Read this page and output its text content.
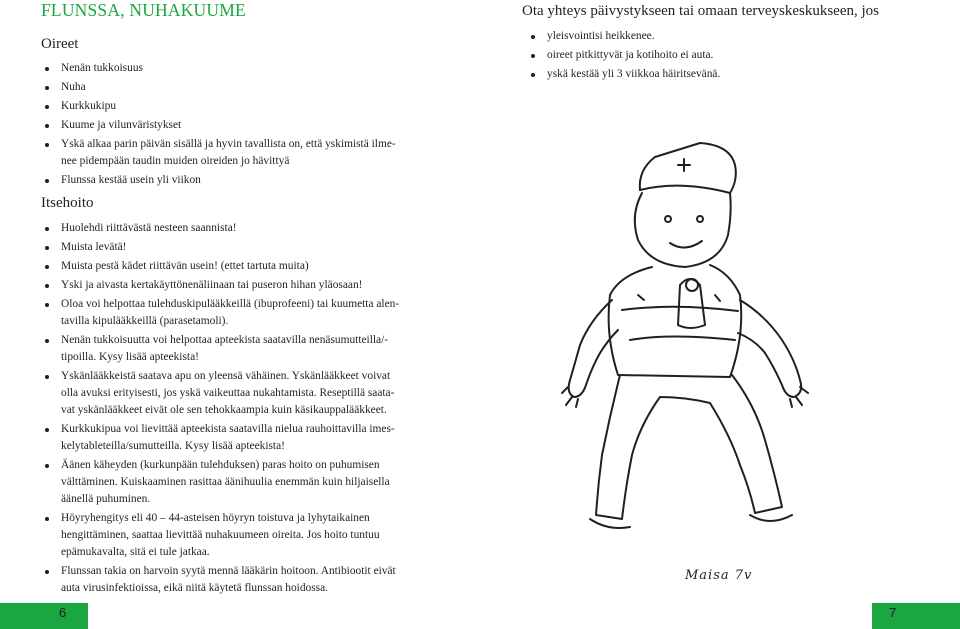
FLUNSSA, NUHAKUUME
Oireet
Nenän tukkoisuus
Nuha
Kurkkukipu
Kuume ja vilunväristykset
Yskä alkaa parin päivän sisällä ja hyvin tavallista on, että yskimistä ilme-
nee pidempään taudin muiden oireiden jo hävittyä
Flunssa kestää usein yli viikon
Itsehoito
Huolehdi riittävästä nesteen saannista!
Muista levätä!
Muista pestä kädet riittävän usein! (ettet tartuta muita)
Yski ja aivasta kertakäyttönenäliinaan tai puseron hihan yläosaan!
Oloa voi helpottaa tulehduskipulääkkeillä (ibuprofeeni) tai kuumetta alen-
tavilla kipulääkkeillä (parasetamoli).
Nenän tukkoisuutta voi helpottaa apteekista saatavilla nenäsumutteilla/-
tipoilla. Kysy lisää apteekista!
Yskänlääkkeistä saatava apu on yleensä vähäinen. Yskänlääkkeet voivat
olla avuksi erityisesti, jos yskä vaikeuttaa nukahtamista. Reseptillä saata-
vat yskänlääkkeet eivät ole sen tehokkaampia kuin käsikauppalääkkeet.
Kurkkukipua voi lievittää apteekista saatavilla nielua rauhoittavilla imes-
kelytableteilla/sumutteilla. Kysy lisää apteekista!
Äänen käheyden (kurkunpään tulehduksen) paras hoito on puhumisen
välttäminen. Kuiskaaminen rasittaa äänihuulia enemmän kuin hiljaisella
äänellä puhuminen.
Höyryhengitys eli 40 – 44-asteisen höyryn toistuva ja lyhytaikainen
hengittäminen, saattaa lievittää nuhakuumeen oireita. Jos hoito tuntuu
epämukavalta, sitä ei tule jatkaa.
Flunssan takia on harvoin syytä mennä lääkärin hoitoon. Antibiootit eivät
auta virusinfektioissa, eikä niitä käytetä flunssan hoidossa.
6
Ota yhteys päivystykseen tai omaan terveyskeskukseen, jos
yleisvointisi heikkenee.
oireet pitkittyvät ja kotihoito ei auta.
yskä kestää yli 3 viikkoa häiritsevänä.
7
Maisa 7v
